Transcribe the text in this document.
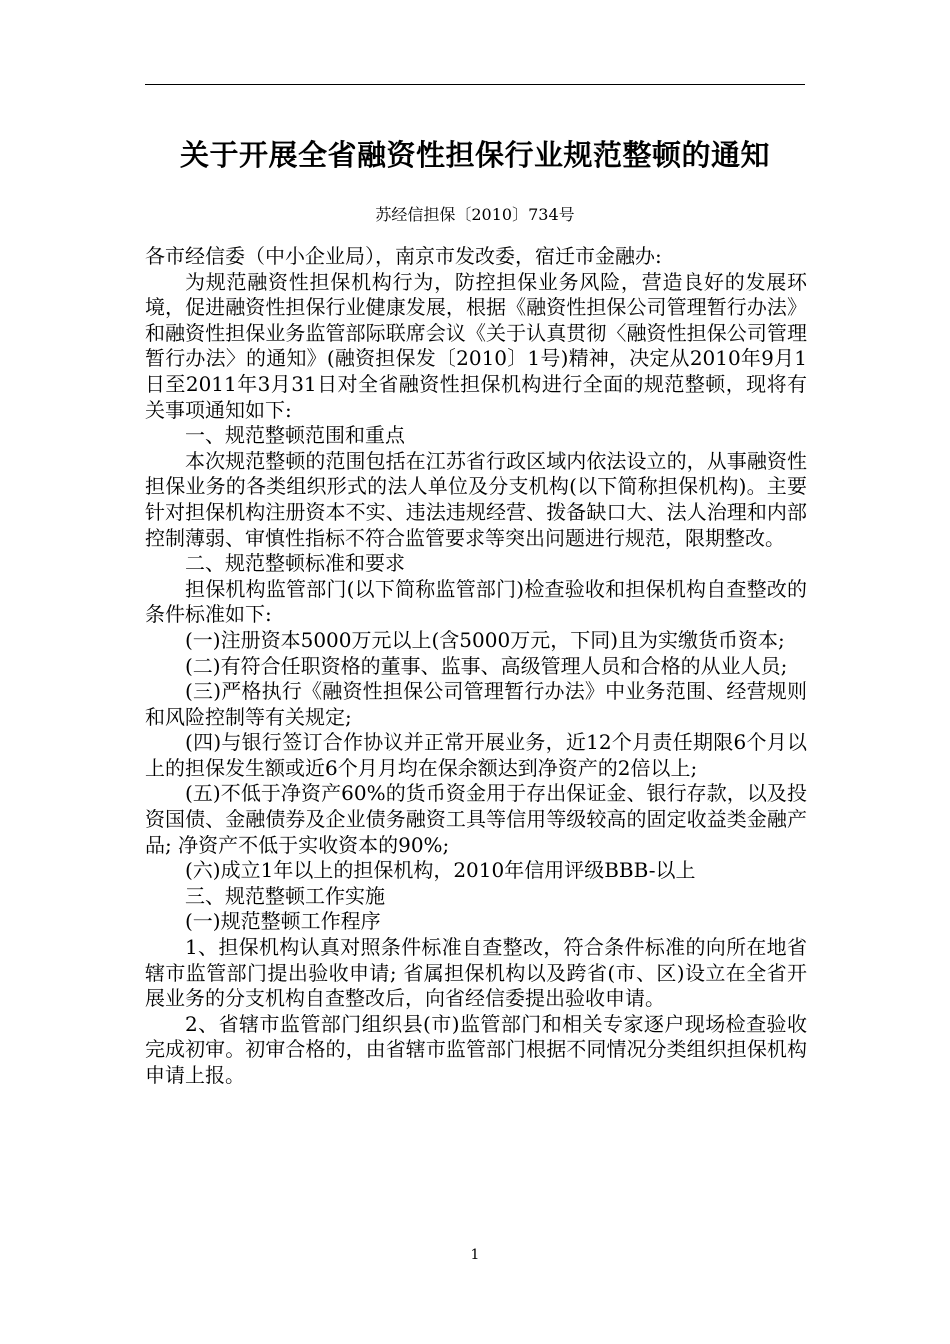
关于开展全省融资性担保行业规范整顿的通知
苏经信担保〔2010〕734号

各市经信委（中小企业局），南京市发改委，宿迁市金融办:

为规范融资性担保机构行为，防控担保业务风险，营造良好的发展环境，促进融资性担保行业健康发展，根据《融资性担保公司管理暂行办法》和融资性担保业务监管部际联席会议《关于认真贯彻〈融资性担保公司管理暂行办法〉的通知》(融资担保发〔2010〕1号)精神，决定从2010年9月1日至2011年3月31日对全省融资性担保机构进行全面的规范整顿，现将有关事项通知如下:

一、规范整顿范围和重点

本次规范整顿的范围包括在江苏省行政区域内依法设立的，从事融资性担保业务的各类组织形式的法人单位及分支机构(以下简称担保机构)。主要针对担保机构注册资本不实、违法违规经营、拨备缺口大、法人治理和内部控制薄弱、审慎性指标不符合监管要求等突出问题进行规范，限期整改。

二、规范整顿标准和要求

担保机构监管部门(以下简称监管部门)检查验收和担保机构自查整改的条件标准如下:

(一)注册资本5000万元以上(含5000万元，下同)且为实缴货币资本;

(二)有符合任职资格的董事、监事、高级管理人员和合格的从业人员;

(三)严格执行《融资性担保公司管理暂行办法》中业务范围、经营规则和风险控制等有关规定;

(四)与银行签订合作协议并正常开展业务，近12个月责任期限6个月以上的担保发生额或近6个月月均在保余额达到净资产的2倍以上;

(五)不低于净资产60%的货币资金用于存出保证金、银行存款，以及投资国债、金融债券及企业债务融资工具等信用等级较高的固定收益类金融产品; 净资产不低于实收资本的90%;

(六)成立1年以上的担保机构，2010年信用评级BBB-以上

三、规范整顿工作实施

(一)规范整顿工作程序

1、担保机构认真对照条件标准自查整改，符合条件标准的向所在地省辖市监管部门提出验收申请; 省属担保机构以及跨省(市、区)设立在全省开展业务的分支机构自查整改后，向省经信委提出验收申请。

2、省辖市监管部门组织县(市)监管部门和相关专家逐户现场检查验收完成初审。初审合格的，由省辖市监管部门根据不同情况分类组织担保机构申请上报。

1
